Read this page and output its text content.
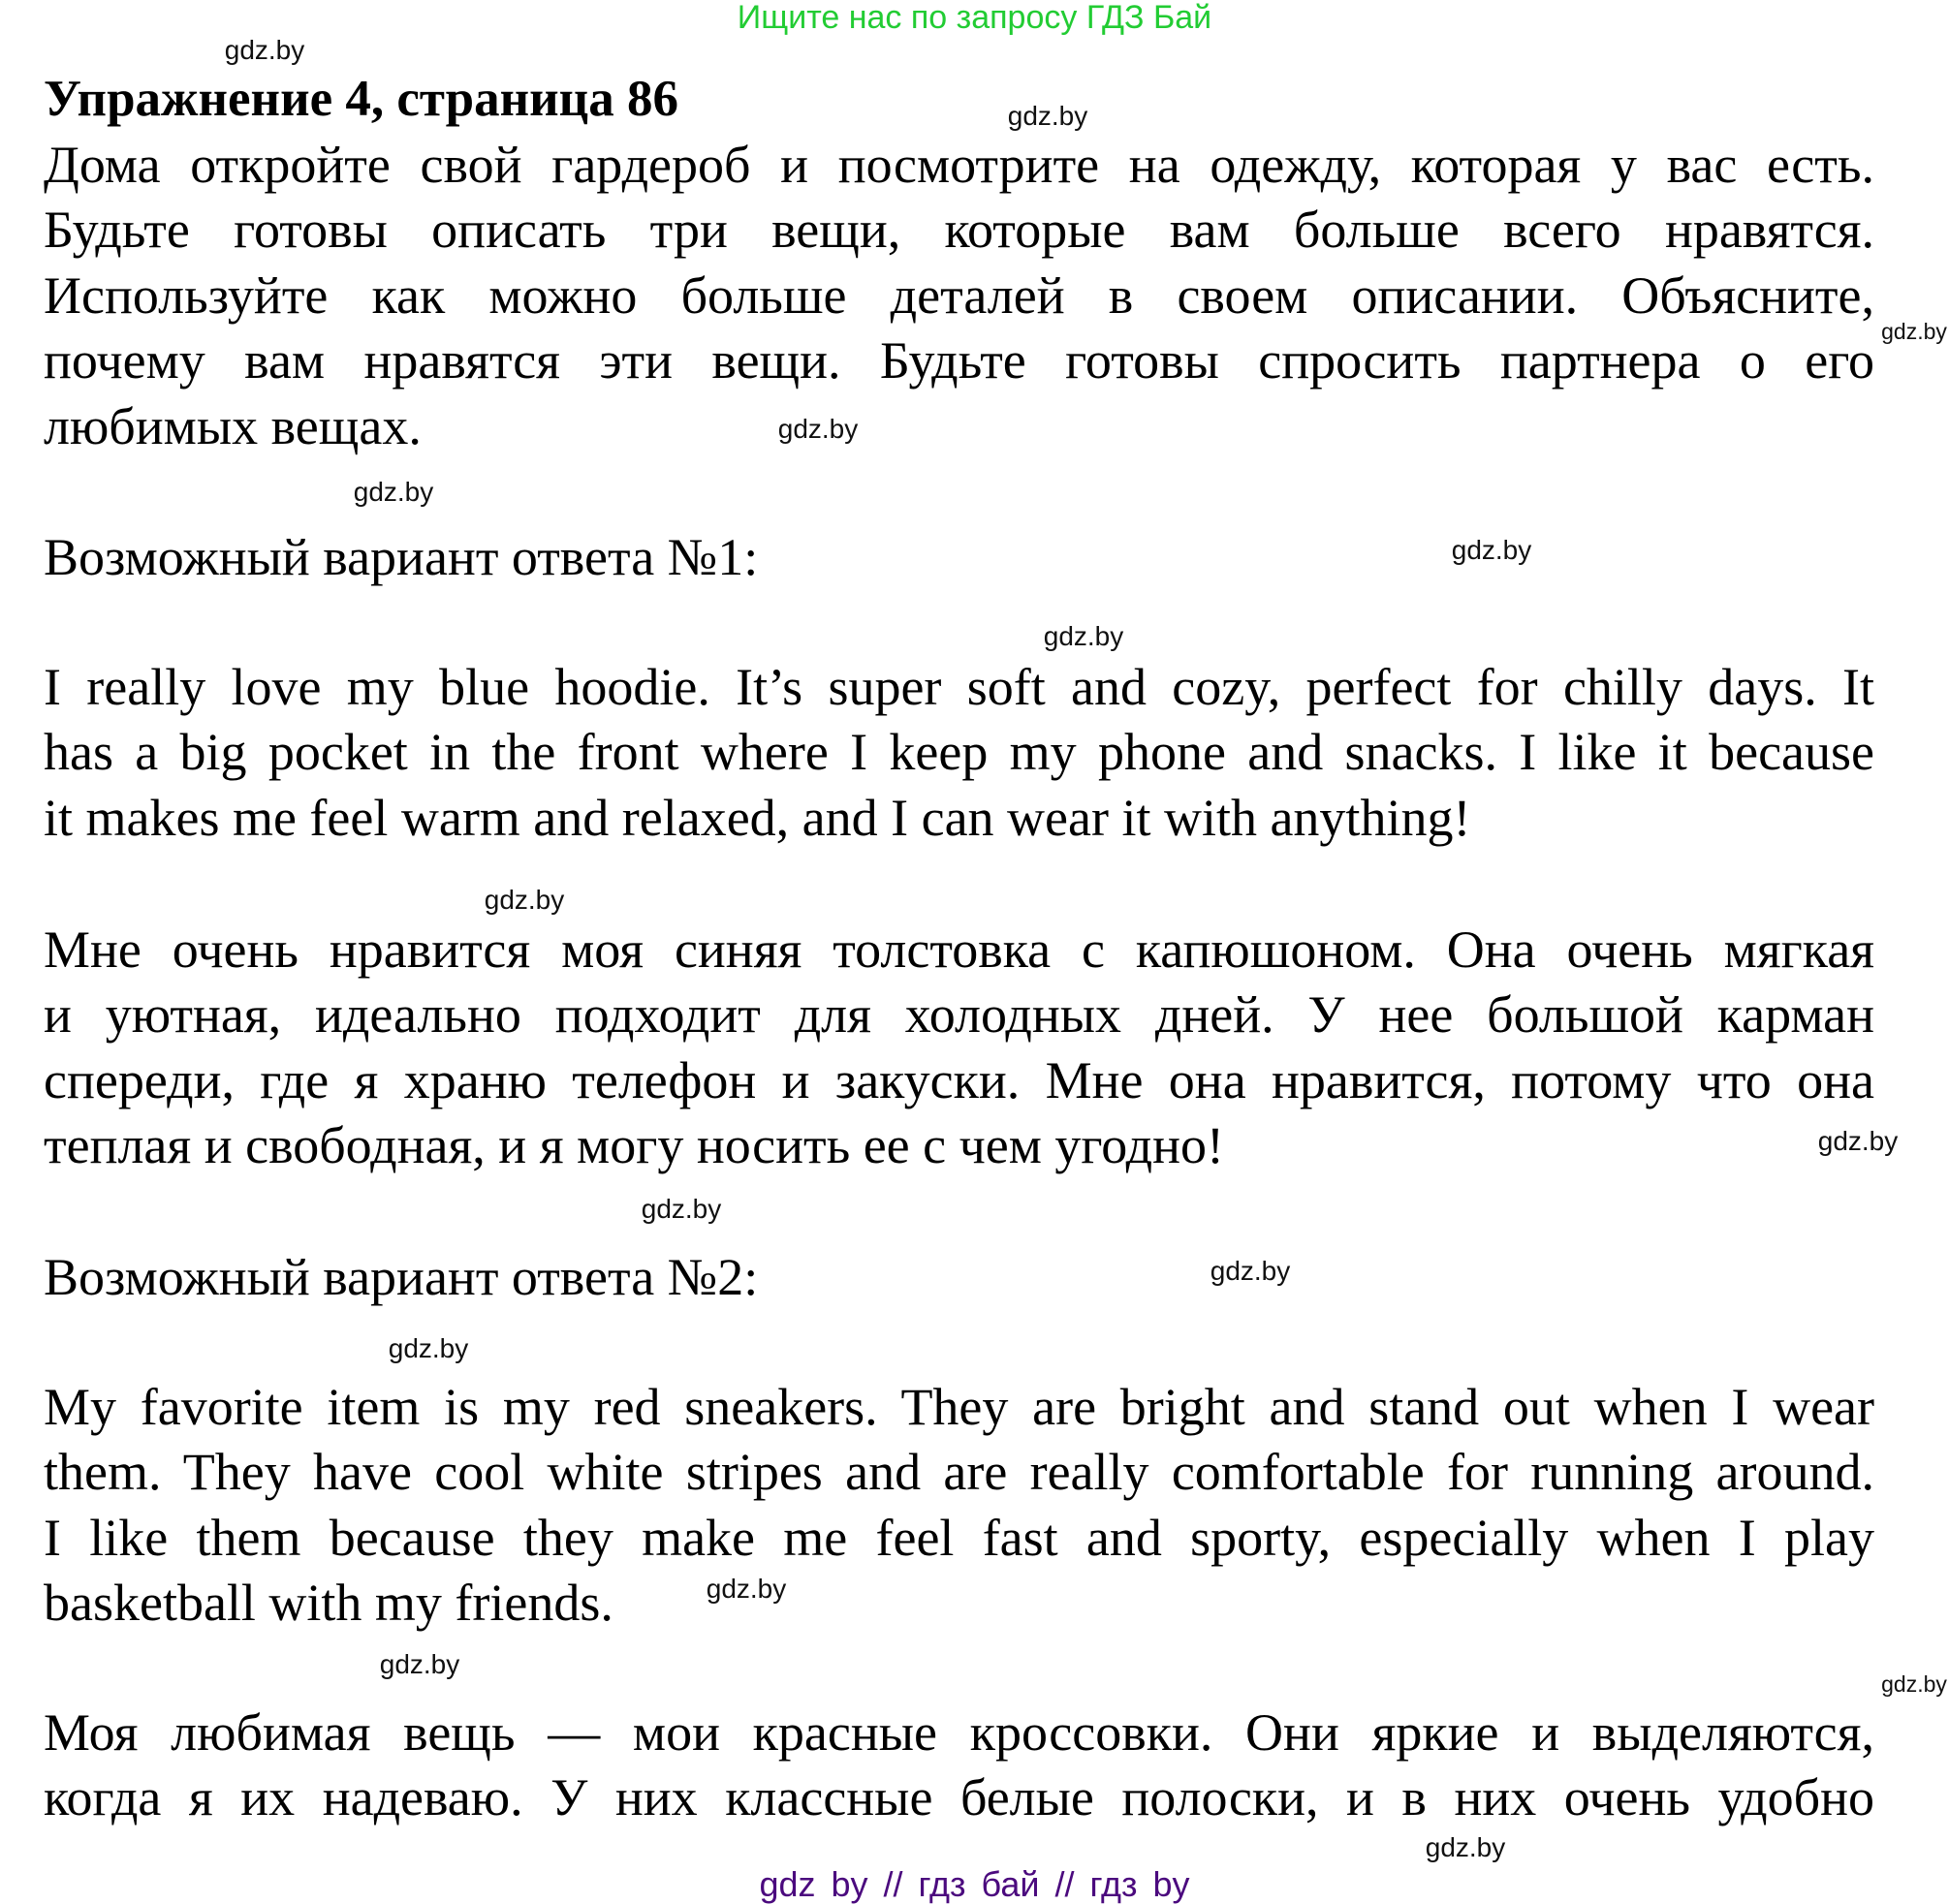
Ищите нас по запросу ГДЗ Бай
Упражнение 4, страница 86
Дома откройте свой гардероб и посмотрите на одежду, которая у вас есть.
Будьте готовы описать три вещи, которые вам больше всего нравятся.
Используйте как можно больше деталей в своем описании. Объясните,
почему вам нравятся эти вещи. Будьте готовы спросить партнера о его
любимых вещах.
Возможный вариант ответа №1:
I really love my blue hoodie. It’s super soft and cozy, perfect for chilly days. It
has a big pocket in the front where I keep my phone and snacks. I like it because
it makes me feel warm and relaxed, and I can wear it with anything!
Мне очень нравится моя синяя толстовка с капюшоном. Она очень мягкая
и уютная, идеально подходит для холодных дней. У нее большой карман
спереди, где я храню телефон и закуски. Мне она нравится, потому что она
теплая и свободная, и я могу носить ее с чем угодно!
Возможный вариант ответа №2:
My favorite item is my red sneakers. They are bright and stand out when I wear
them. They have cool white stripes and are really comfortable for running around.
I like them because they make me feel fast and sporty, especially when I play
basketball with my friends.
Моя любимая вещь — мои красные кроссовки. Они яркие и выделяются,
когда я их надеваю. У них классные белые полоски, и в них очень удобно
gdz.by
gdz.by
gdz.by
gdz.by
gdz.by
gdz.by
gdz.by
gdz.by
gdz.by
gdz.by
gdz.by
gdz.by
gdz.by
gdz.by
gdz.by
gdz.by
gdz by // гдз бай // гдз by
